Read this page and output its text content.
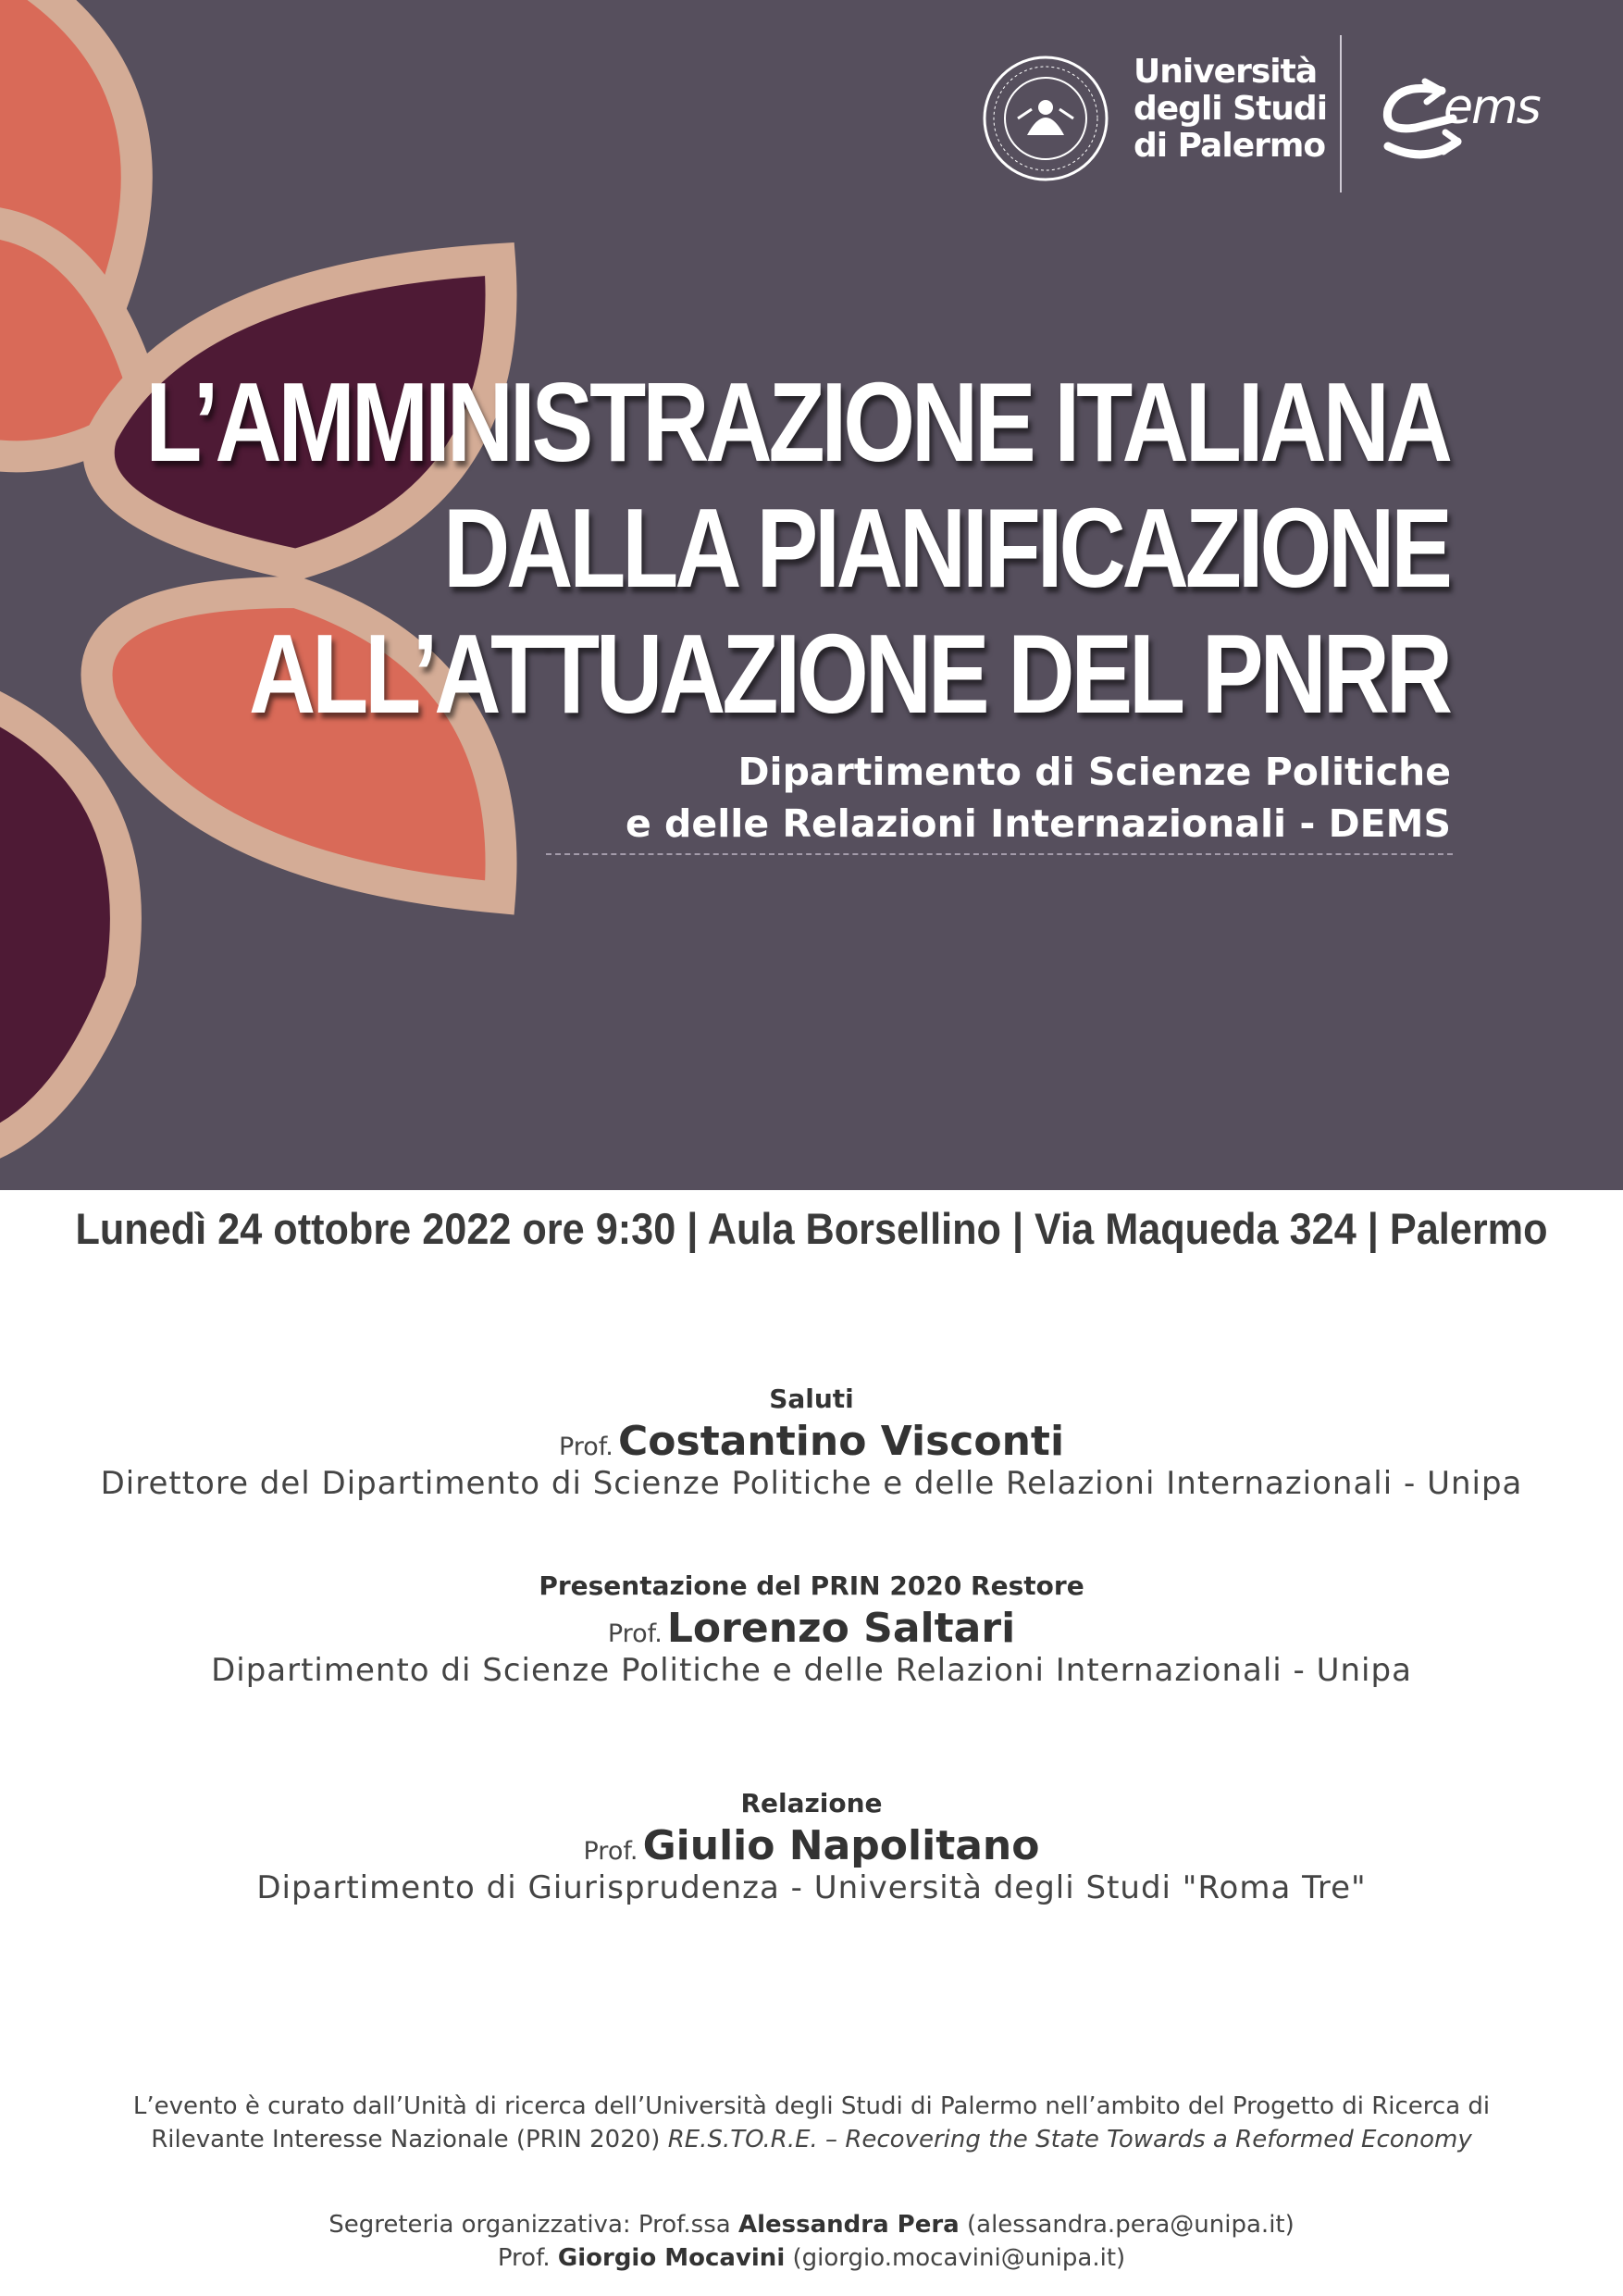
Università
degli Studi
di Palermo
ems
L’AMMINISTRAZIONE ITALIANA
DALLA PIANIFICAZIONE
ALL’ATTUAZIONE DEL PNRR
Dipartimento di Scienze Politiche
e delle Relazioni Internazionali - DEMS
Lunedì 24 ottobre 2022 ore 9:30 | Aula Borsellino | Via Maqueda 324 | Palermo
Saluti
Prof. Costantino Visconti
Direttore del Dipartimento di Scienze Politiche e delle Relazioni Internazionali - Unipa
Presentazione del PRIN 2020 Restore
Prof. Lorenzo Saltari
Dipartimento di Scienze Politiche e delle Relazioni Internazionali - Unipa
Relazione
Prof. Giulio Napolitano
Dipartimento di Giurisprudenza - Università degli Studi "Roma Tre"
L’evento è curato dall’Unità di ricerca dell’Università degli Studi di Palermo nell’ambito del Progetto di Ricerca di
Rilevante Interesse Nazionale (PRIN 2020) RE.S.TO.R.E. – Recovering the State Towards a Reformed Economy
Segreteria organizzativa: Prof.ssa Alessandra Pera (alessandra.pera@unipa.it)
Prof. Giorgio Mocavini (giorgio.mocavini@unipa.it)
